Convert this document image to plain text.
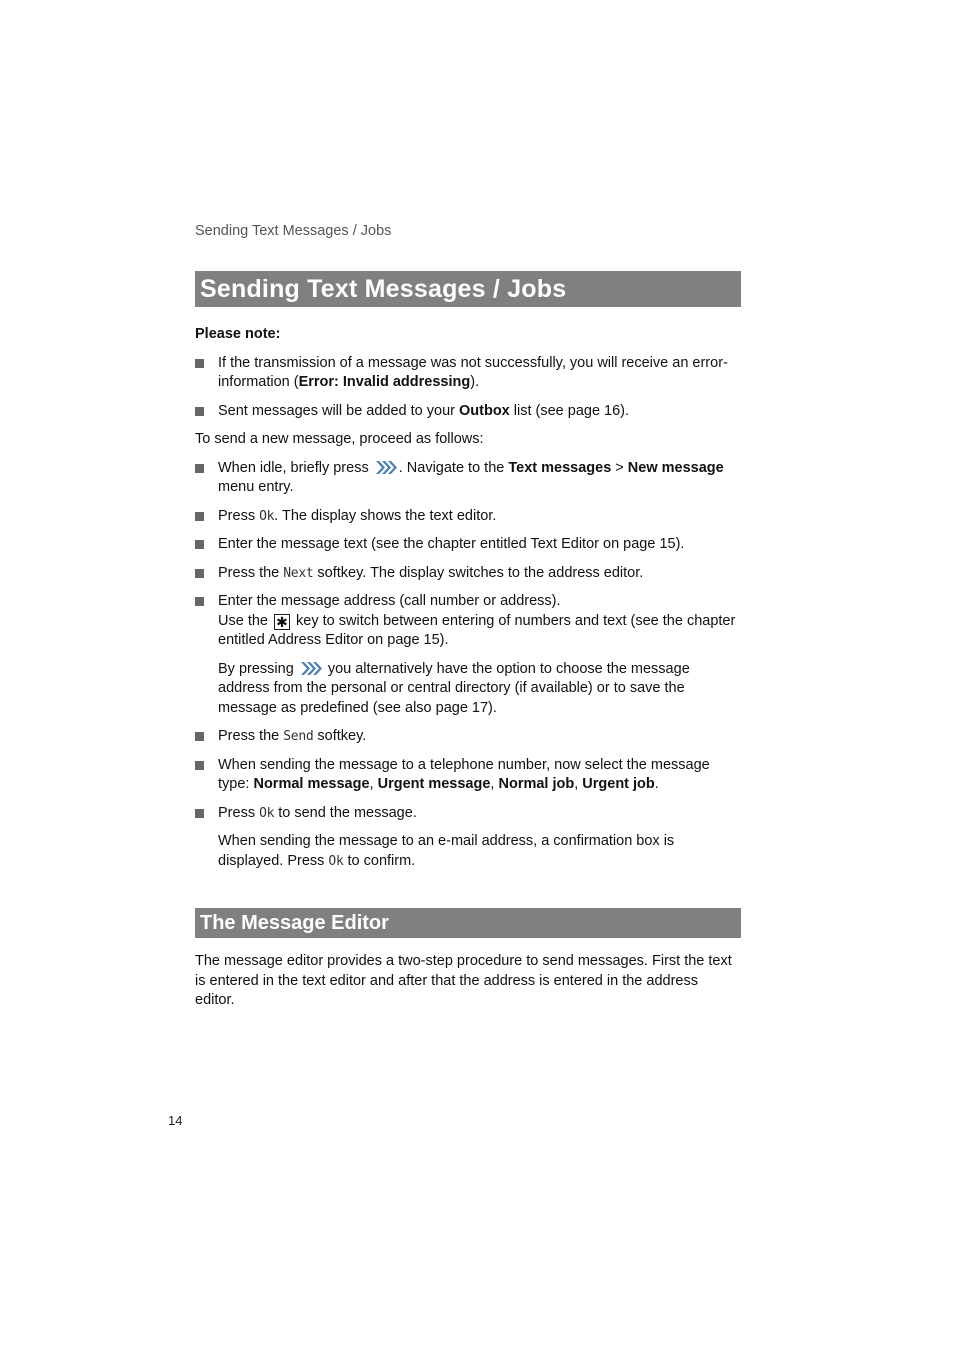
Sending Text Messages / Jobs
Sending Text Messages / Jobs

Please note:

If the transmission of a message was not successfully, you will receive an error-information (Error: Invalid addressing).
Sent messages will be added to your Outbox list (see page 16).

To send a new message, proceed as follows:

When idle, briefly press . Navigate to the Text messages > New message menu entry.
Press Ok. The display shows the text editor.
Enter the message text (see the chapter entitled Text Editor on page 15).
Press the Next softkey. The display switches to the address editor.
Enter the message address (call number or address).
Use the ✱ key to switch between entering of numbers and text (see the chapter entitled Address Editor on page 15).
By pressing you alternatively have the option to choose the message address from the personal or central directory (if available) or to save the message as predefined (see also page 17).
Press the Send softkey.
When sending the message to a telephone number, now select the message type: Normal message, Urgent message, Normal job, Urgent job.
Press Ok to send the message.
When sending the message to an e-mail address, a confirmation box is displayed. Press Ok to confirm.
The Message Editor
The message editor provides a two-step procedure to send messages. First the text is entered in the text editor and after that the address is entered in the address editor.
14
